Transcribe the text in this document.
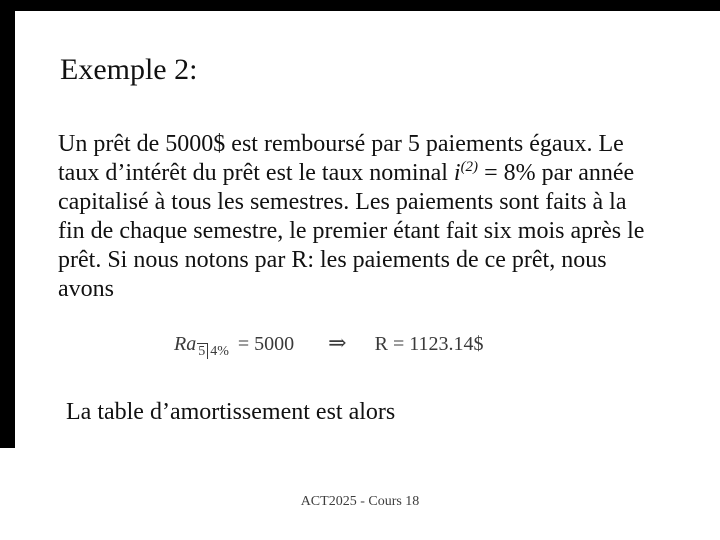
Exemple 2:
Un prêt de 5000$ est remboursé par 5 paiements égaux. Le
taux d’intérêt du prêt est le taux nominal $i^{(2)} = 8\%$ par année
capitalisé à tous les semestres. Les paiements sont faits à la
fin de chaque semestre, le premier étant fait six mois après le
prêt. Si nous notons par R: les paiements de ce prêt, nous
avons
Ra 5 4% = 5000 ⇒ R = 1123.14$
La table d’amortissement est alors
ACT2025 - Cours 18
